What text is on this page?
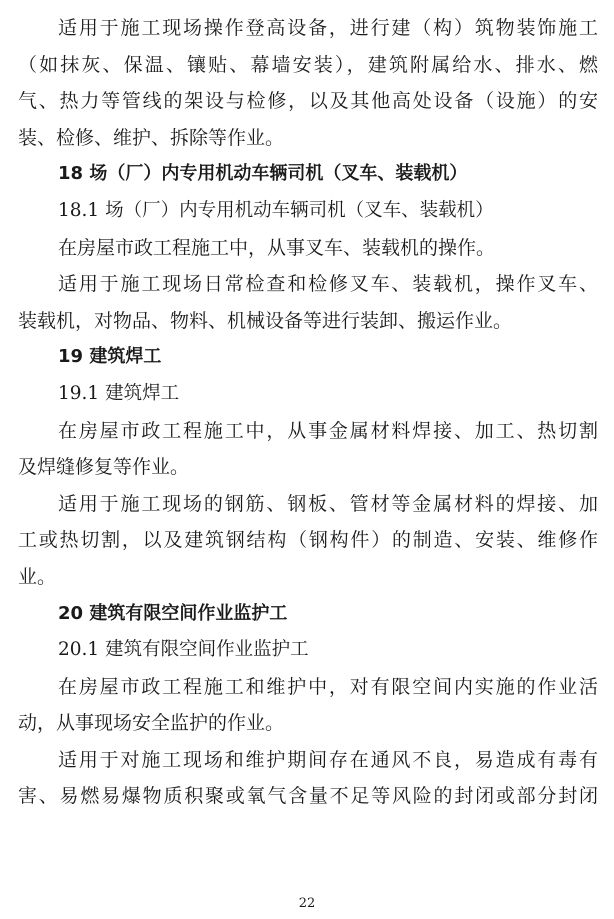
适用于施工现场操作登高设备，进行建（构）筑物装饰施工

（如抹灰、保温、镶贴、幕墙安装），建筑附属给水、排水、燃

气、热力等管线的架设与检修，以及其他高处设备（设施）的安

装、检修、维护、拆除等作业。

18 场（厂）内专用机动车辆司机（叉车、装载机）

18.1 场（厂）内专用机动车辆司机（叉车、装载机）

在房屋市政工程施工中，从事叉车、装载机的操作。

适用于施工现场日常检查和检修叉车、装载机，操作叉车、

装载机，对物品、物料、机械设备等进行装卸、搬运作业。

19 建筑焊工

19.1 建筑焊工

在房屋市政工程施工中，从事金属材料焊接、加工、热切割

及焊缝修复等作业。

适用于施工现场的钢筋、钢板、管材等金属材料的焊接、加

工或热切割，以及建筑钢结构（钢构件）的制造、安装、维修作

业。

20 建筑有限空间作业监护工

20.1 建筑有限空间作业监护工

在房屋市政工程施工和维护中，对有限空间内实施的作业活

动，从事现场安全监护的作业。

适用于对施工现场和维护期间存在通风不良，易造成有毒有

害、易燃易爆物质积聚或氧气含量不足等风险的封闭或部分封闭

22
